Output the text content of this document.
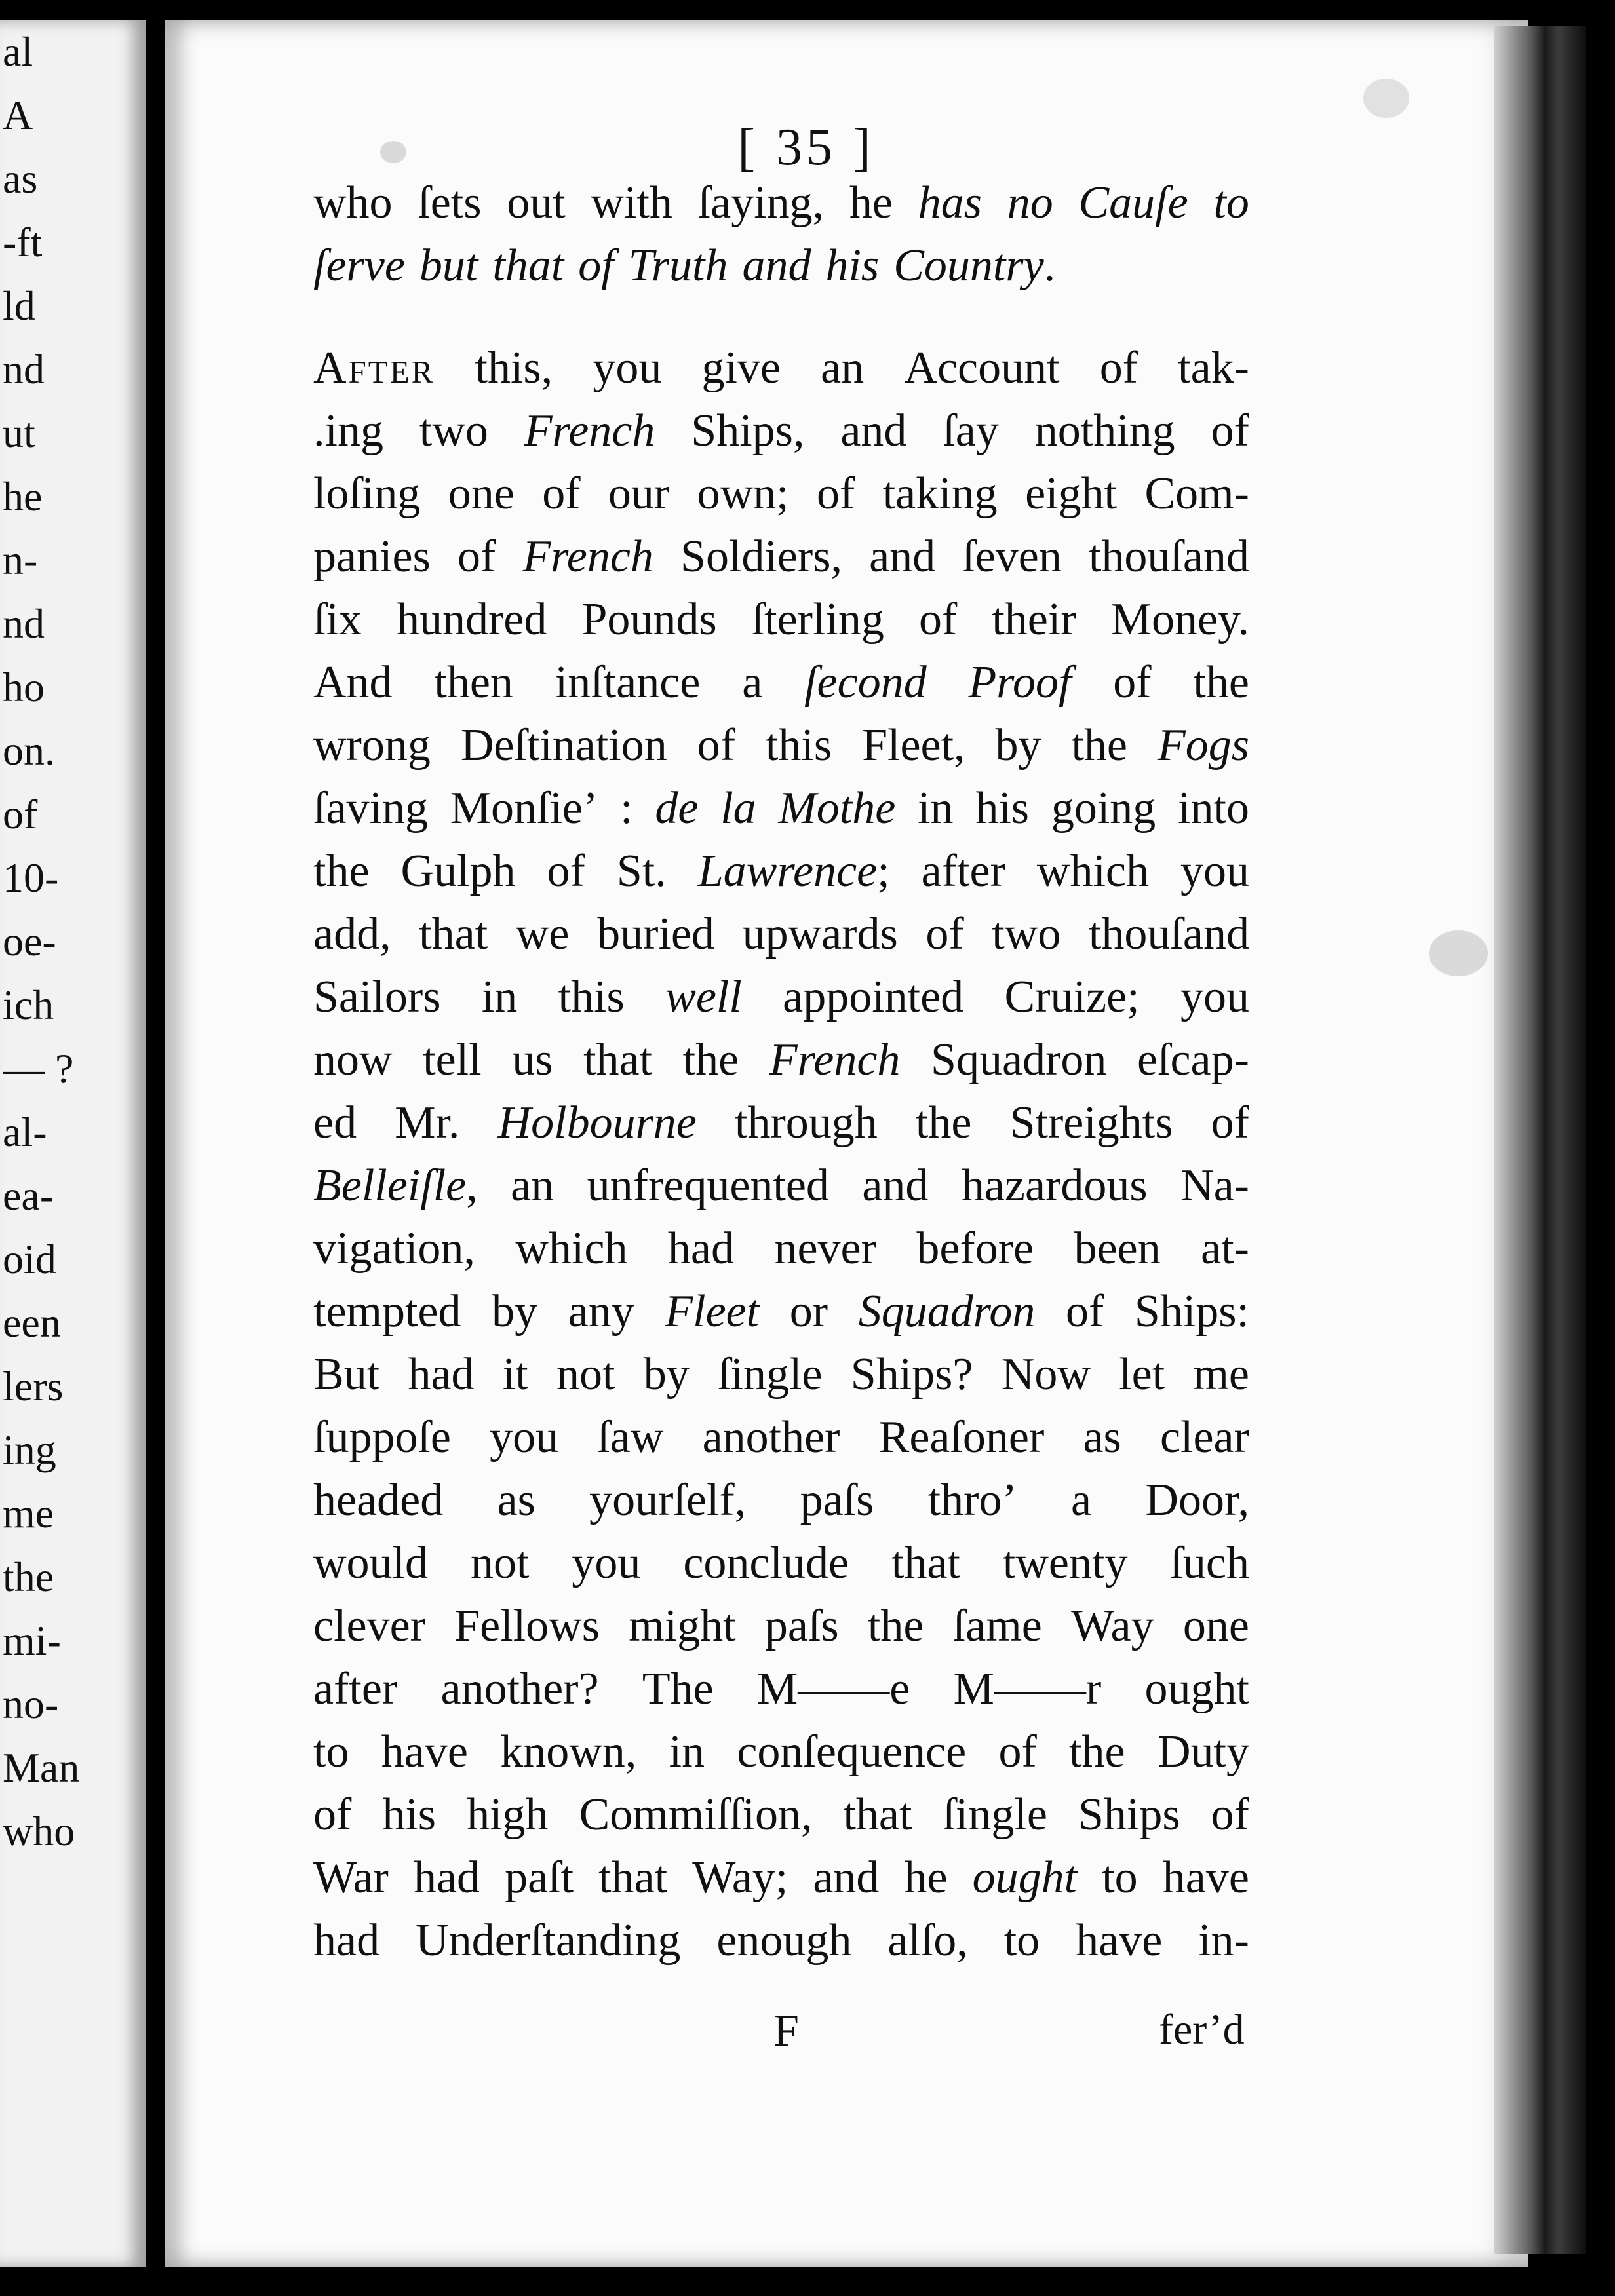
al
A
as
-ft
ld
nd
ut
he
n-
nd
ho
on.
of
10-
oe-
ich
— ?
al-
ea-
oid
een
lers
ing
me
the
mi-
no-
Man
who
[ 35 ]
who ſets out with ſaying, he has no Cauſe to
ſerve but that of Truth and his Country.
After this, you give an Account of tak-
.ing two French Ships, and ſay nothing of
loſing one of our own; of taking eight Com-
panies of French Soldiers, and ſeven thouſand
ſix hundred Pounds ſterling of their Money.
And then inſtance a ſecond Proof of the
wrong Deſtination of this Fleet, by the Fogs
ſaving Monſie’ : de la Mothe in his going into
the Gulph of St. Lawrence; after which you
add, that we buried upwards of two thouſand
Sailors in this well appointed Cruize; you
now tell us that the French Squadron eſcap-
ed Mr. Holbourne through the Streights of
Belleiſle, an unfrequented and hazardous Na-
vigation, which had never before been at-
tempted by any Fleet or Squadron of Ships:
But had it not by ſingle Ships? Now let me
ſuppoſe you ſaw another Reaſoner as clear
headed as yourſelf, paſs thro’ a Door,
would not you conclude that twenty ſuch
clever Fellows might paſs the ſame Way one
after another? The M——e M——r ought
to have known, in conſequence of the Duty
of his high Commiſſion, that ſingle Ships of
War had paſt that Way; and he ought to have
had Underſtanding enough alſo, to have in-
F	fer’d
